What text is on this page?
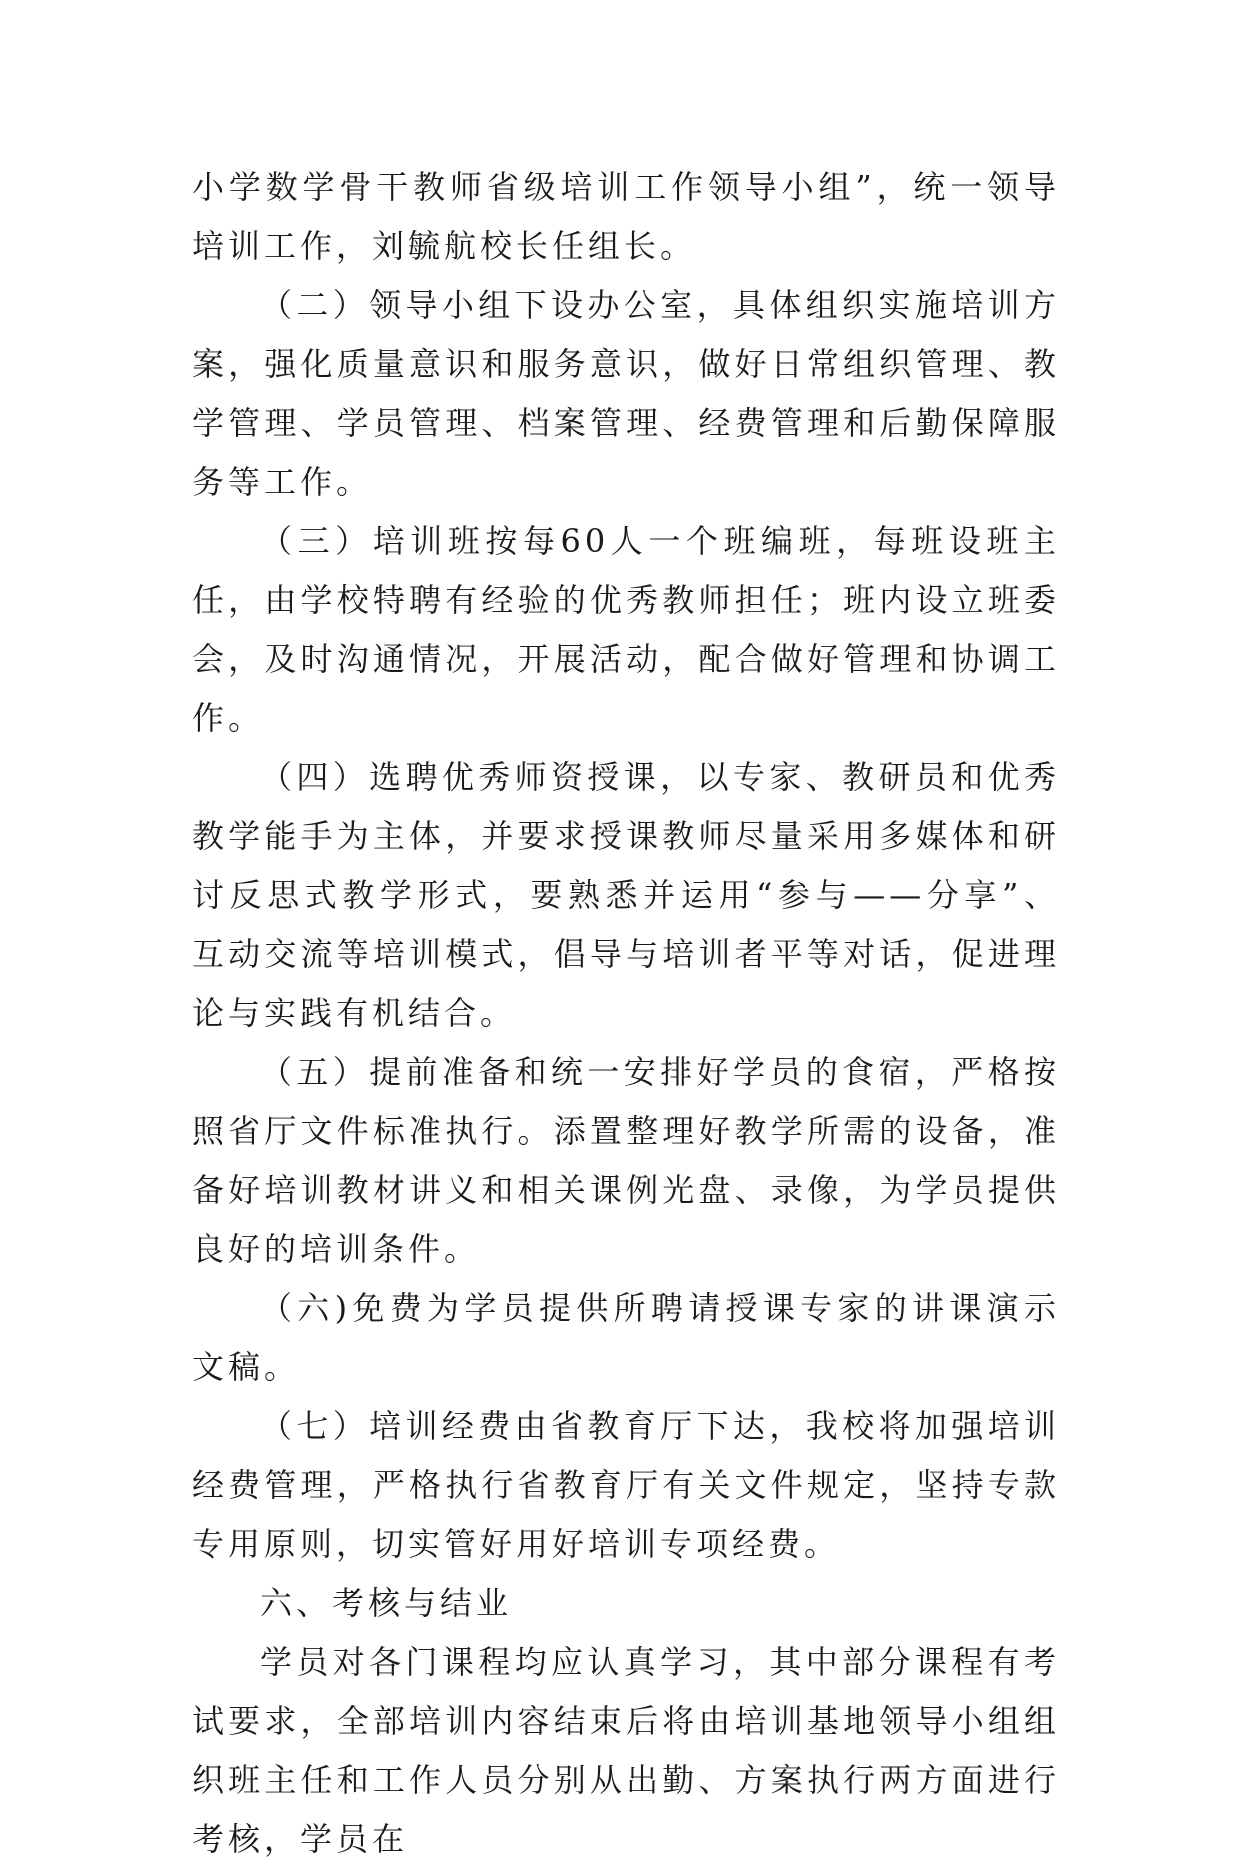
小学数学骨干教师省级培训工作领导小组”，统一领导培训工作，刘毓航校长任组长。

（二）领导小组下设办公室，具体组织实施培训方案，强化质量意识和服务意识，做好日常组织管理、教学管理、学员管理、档案管理、经费管理和后勤保障服务等工作。

（三）培训班按每60人一个班编班，每班设班主任，由学校特聘有经验的优秀教师担任；班内设立班委会，及时沟通情况，开展活动，配合做好管理和协调工作。

（四）选聘优秀师资授课，以专家、教研员和优秀教学能手为主体，并要求授课教师尽量采用多媒体和研讨反思式教学形式，要熟悉并运用“参与——分享”、互动交流等培训模式，倡导与培训者平等对话，促进理论与实践有机结合。

（五）提前准备和统一安排好学员的食宿，严格按照省厅文件标准执行。添置整理好教学所需的设备，准备好培训教材讲义和相关课例光盘、录像，为学员提供良好的培训条件。

（六)免费为学员提供所聘请授课专家的讲课演示文稿。

（七）培训经费由省教育厅下达，我校将加强培训经费管理，严格执行省教育厅有关文件规定，坚持专款专用原则，切实管好用好培训专项经费。

六、考核与结业

学员对各门课程均应认真学习，其中部分课程有考试要求，全部培训内容结束后将由培训基地领导小组组织班主任和工作人员分别从出勤、方案执行两方面进行考核，学员在
